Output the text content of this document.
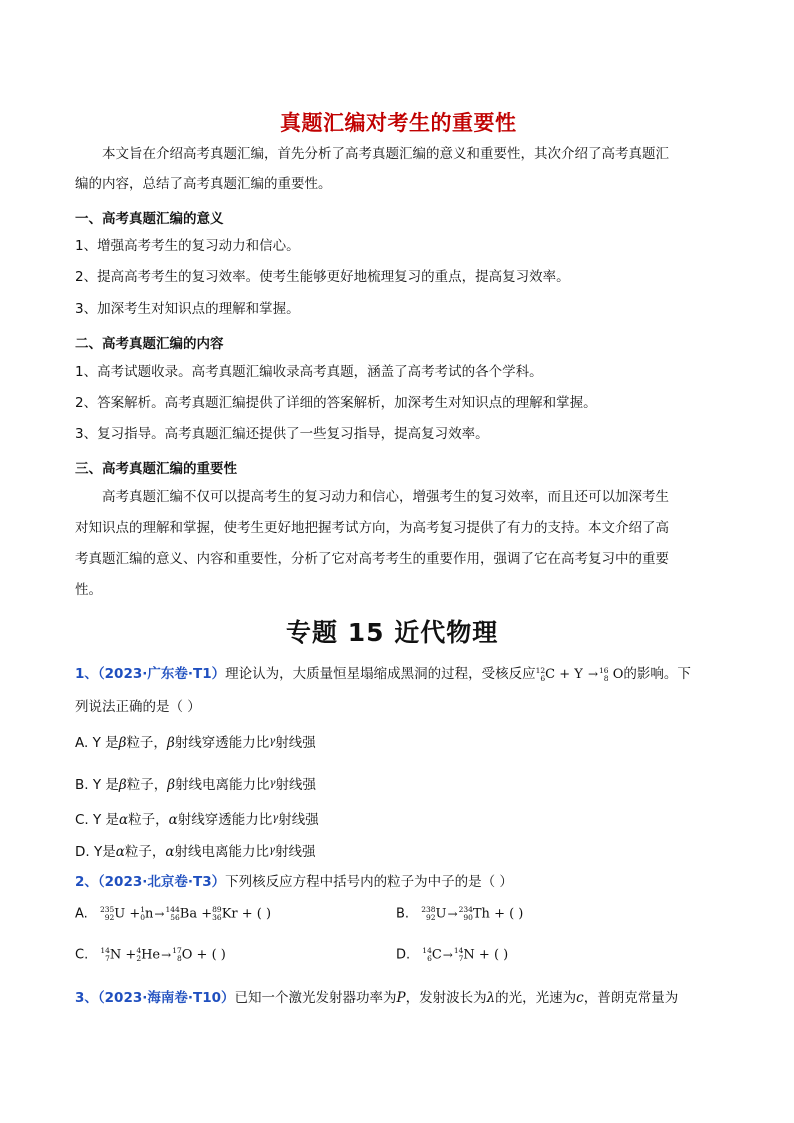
真题汇编对考生的重要性
本文旨在介绍高考真题汇编，首先分析了高考真题汇编的意义和重要性，其次介绍了高考真题汇
编的内容，总结了高考真题汇编的重要性。
一、高考真题汇编的意义
1、增强高考考生的复习动力和信心。
2、提高高考考生的复习效率。使考生能够更好地梳理复习的重点，提高复习效率。
3、加深考生对知识点的理解和掌握。
二、高考真题汇编的内容
1、高考试题收录。高考真题汇编收录高考真题，涵盖了高考考试的各个学科。
2、答案解析。高考真题汇编提供了详细的答案解析，加深考生对知识点的理解和掌握。
3、复习指导。高考真题汇编还提供了一些复习指导，提高复习效率。
三、高考真题汇编的重要性
高考真题汇编不仅可以提高考生的复习动力和信心，增强考生的复习效率，而且还可以加深考生
对知识点的理解和掌握，使考生更好地把握考试方向，为高考复习提供了有力的支持。本文介绍了高
考真题汇编的意义、内容和重要性，分析了它对高考考生的重要作用，强调了它在高考复习中的重要
性。
专题 15 近代物理
1、（2023·广东卷·T1）理论认为，大质量恒星塌缩成黑洞的过程，受核反应 12
6 C + Y → 16
8 O的影响。下
列说法正确的是（ ）
A. Y 是β粒子，β射线穿透能力比$^\gamma$射线强
B. Y 是β粒子，β射线电离能力比$^\gamma$射线强
C. Y 是α粒子，α射线穿透能力比$^\gamma$射线强
D. Y是α粒子，α射线电离能力比$^\gamma$射线强
2、（2023·北京卷·T3）下列核反应方程中括号内的粒子为中子的是（ ）
A. 235
92 U + 1
0 n→ 144
56 Ba + 89
36 Kr + ( )	B. 238
92 U→ 234
90 Th + ( )
C. 14
7 N + 4
2 He→ 17
8 O + ( )	D. 14
6 C→ 14
7 N + ( )
3、（2023·海南卷·T10）已知一个激光发射器功率为P，发射波长为λ的光，光速为c，普朗克常量为
